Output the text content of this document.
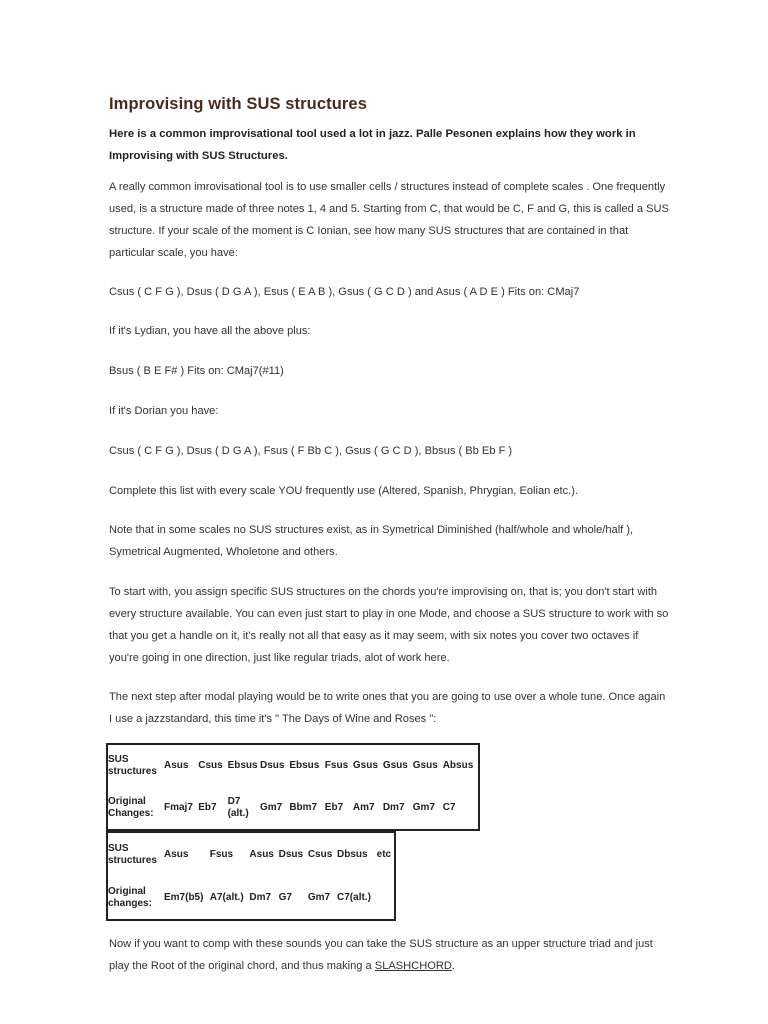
Improvising with SUS structures

Here is a common improvisational tool used a lot in jazz. Palle Pesonen explains how they work in Improvising with SUS Structures.

A really common imrovisational tool is to use smaller cells / structures instead of complete scales . One frequently used, is a structure made of three notes 1, 4 and 5. Starting from C, that would be C, F and G, this is called a SUS structure. If your scale of the moment is C Ionian, see how many SUS structures that are contained in that particular scale, you have:

Csus ( C F G ), Dsus ( D G A ), Esus ( E A B ), Gsus ( G C D ) and Asus ( A D E ) Fits on: CMaj7

If it's Lydian, you have all the above plus:

Bsus ( B E F# ) Fits on: CMaj7(#11)

If it's Dorian you have:

Csus ( C F G ), Dsus ( D G A ), Fsus ( F Bb C ), Gsus ( G C D ), Bbsus ( Bb Eb F )

Complete this list with every scale YOU frequently use (Altered, Spanish, Phrygian, Eolian etc.).

Note that in some scales no SUS structures exist, as in Symetrical Diminished (half/whole and whole/half ), Symetrical Augmented, Wholetone and others.

To start with, you assign specific SUS structures on the chords you're improvising on, that is; you don't start with every structure available. You can even just start to play in one Mode, and choose a SUS structure to work with so that you get a handle on it, it's really not all that easy as it may seem, with six notes you cover two octaves if you're going in one direction, just like regular triads, alot of work here.

The next step after modal playing would be to write ones that you are going to use over a whole tune. Once again I use a jazzstandard, this time it's " The Days of Wine and Roses ":

SUS structures	Asus	Csus	Ebsus		Dsus	Ebsus	Fsus	Gsus	Gsus	Gsus	Absus
Original Changes:	Fmaj7	Eb7	D7 (alt.)		Gm7	Bbm7	Eb7	Am7	Dm7	Gm7	C7
SUS structures	Asus	Fsus	Asus	Dsus	Csus	Dbsus	etc
Original changes:	Em7(b5)	A7(alt.)	Dm7	G7	Gm7	C7(alt.)	

Now if you want to comp with these sounds you can take the SUS structure as an upper structure triad and just play the Root of the original chord, and thus making a SLASHCHORD.
